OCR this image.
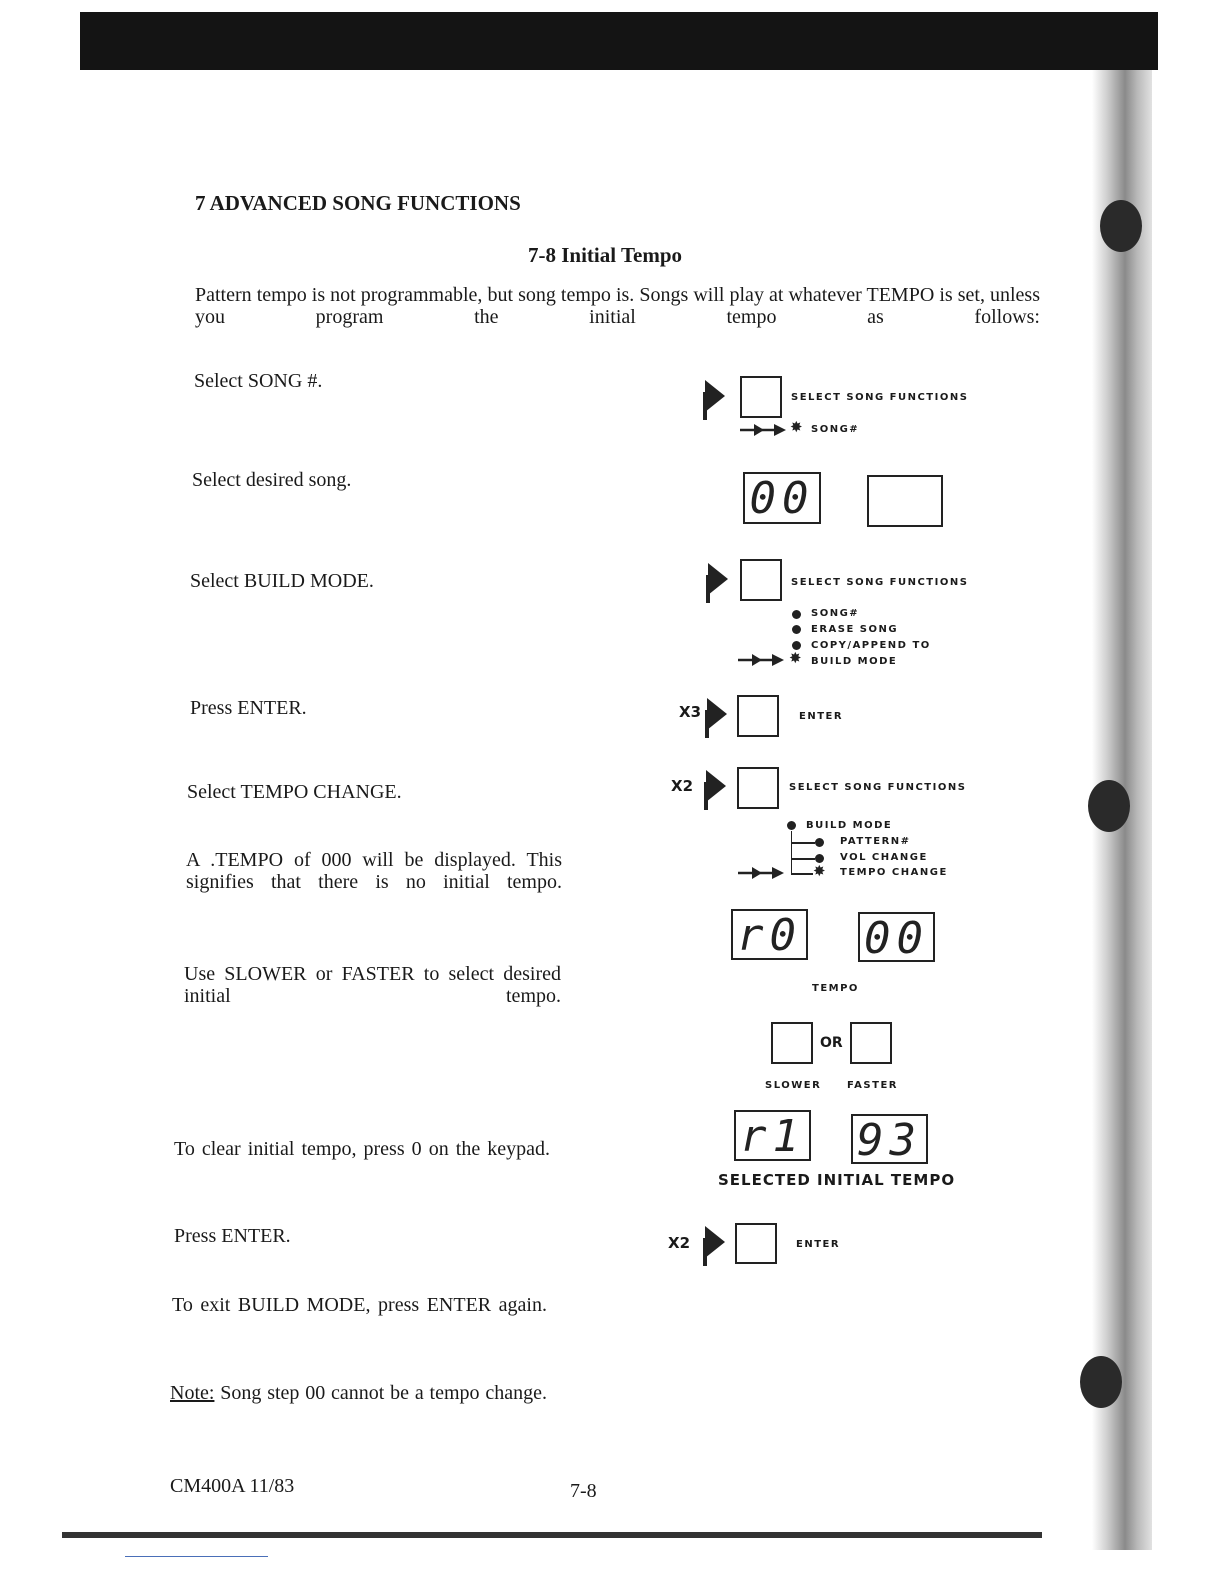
7 ADVANCED SONG FUNCTIONS
7-8 Initial Tempo
Pattern tempo is not programmable, but song tempo is. Songs will play at whatever TEMPO is set, unless you program the initial tempo as follows:
Select SONG #.
Select desired song.
Select BUILD MODE.
Press ENTER.
Select TEMPO CHANGE.
A .TEMPO of 000 will be displayed. This signifies that there is no initial tempo.
Use SLOWER or FASTER to select desired initial tempo.
To clear initial tempo, press 0 on the keypad.
Press ENTER.
To exit BUILD MODE, press ENTER again.
Note: Song step 00 cannot be a tempo change.
SELECT SONG FUNCTIONS
✸ SONG#
00
SELECT SONG FUNCTIONS
SONG#
ERASE SONG
COPY/APPEND TO
✸ BUILD MODE
X3	ENTER
X2	SELECT SONG FUNCTIONS
BUILD MODE
PATTERN#
VOL CHANGE
✸ TEMPO CHANGE
r0 00
TEMPO
OR
SLOWER	FASTER
r1 93
SELECTED INITIAL TEMPO
X2	ENTER
CM400A 11/83	7-8
